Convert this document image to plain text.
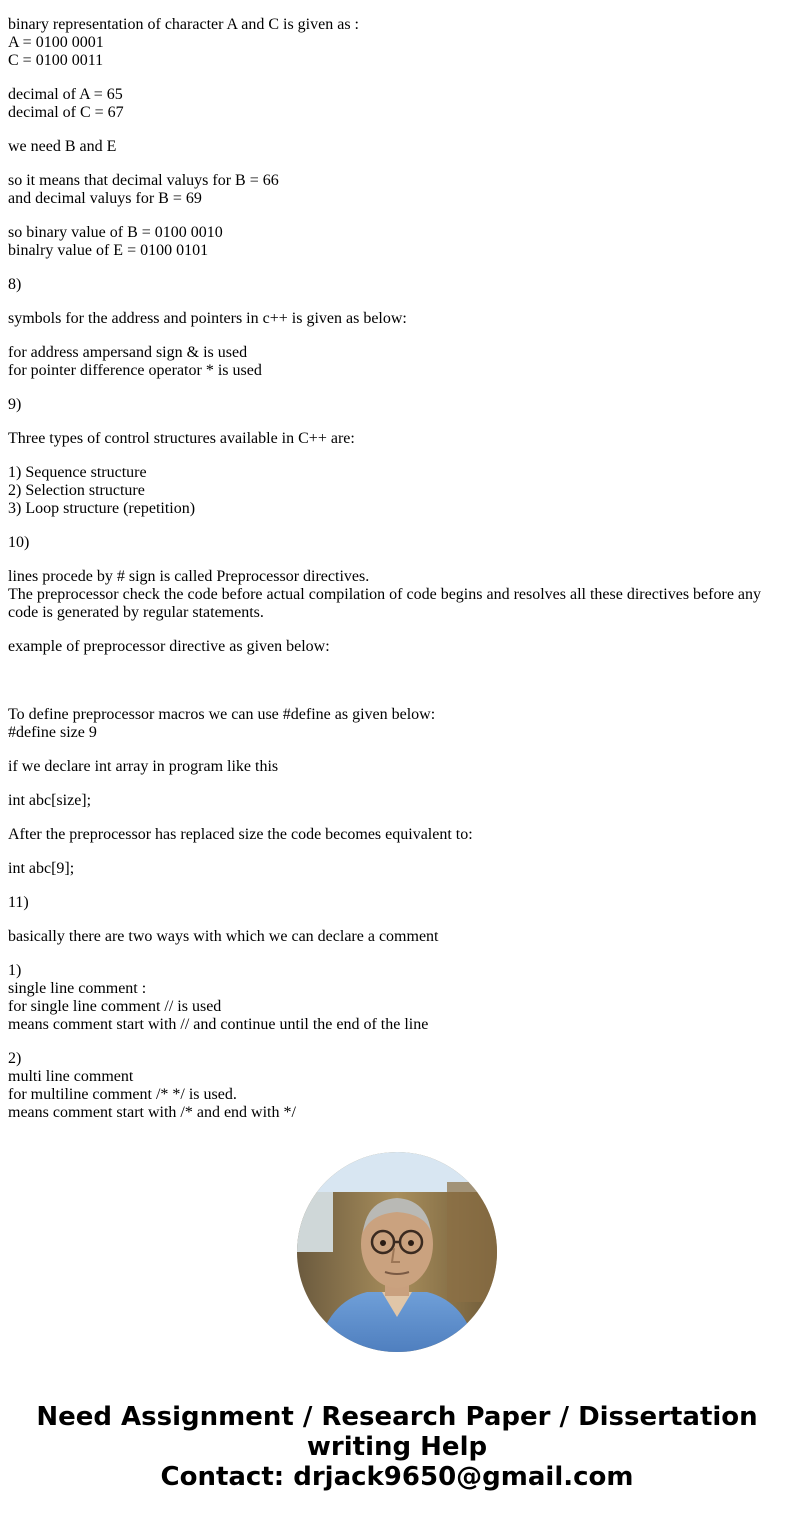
binary representation of character A and C is given as :
A = 0100 0001
C = 0100 0011
decimal of A = 65
decimal of C = 67
we need B and E
so it means that decimal valuys for B = 66
and decimal valuys for B = 69
so binary value of B = 0100 0010
binalry value of E = 0100 0101
8)
symbols for the address and pointers in c++ is given as below:
for address ampersand sign & is used
for pointer difference operator * is used
9)
Three types of control structures available in C++ are:
1) Sequence structure
2) Selection structure
3) Loop structure (repetition)
10)
lines procede by # sign is called Preprocessor directives.
The preprocessor check the code before actual compilation of code begins and resolves all these directives before any code is generated by regular statements.
example of preprocessor directive as given below:
To define preprocessor macros we can use #define as given below:
#define size 9
if we declare int array in program like this
int abc[size];
After the preprocessor has replaced size the code becomes equivalent to:
int abc[9];
11)
basically there are two ways with which we can declare a comment
1)
single line comment :
for single line comment // is used
means comment start with // and continue until the end of the line
2)
multi line comment
for multiline comment /* */ is used.
means comment start with /* and end with */
Need Assignment / Research Paper / Dissertation
writing Help
Contact: drjack9650@gmail.com
